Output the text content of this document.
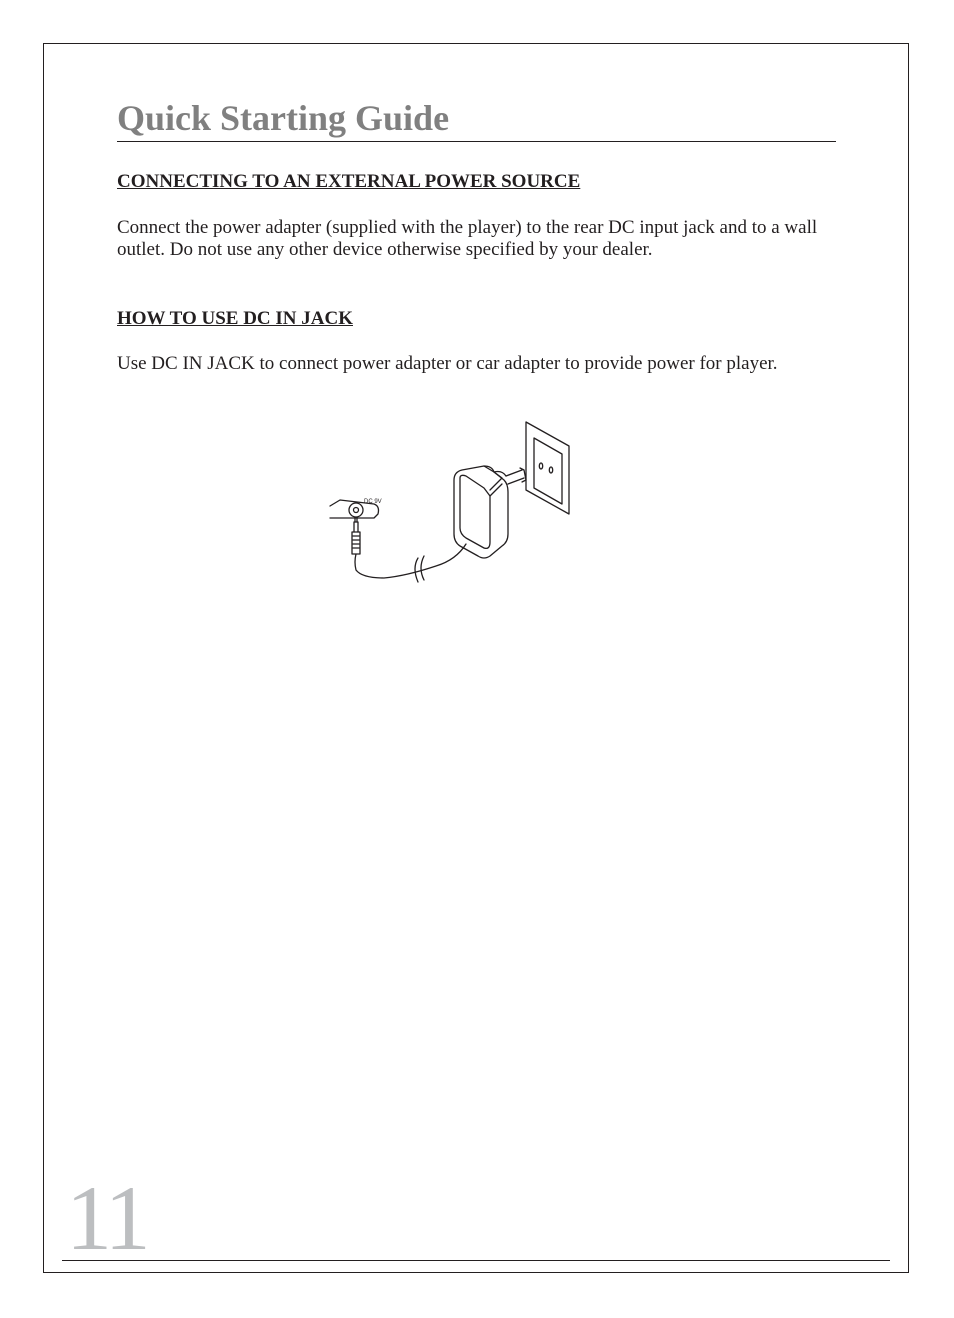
Quick Starting Guide
CONNECTING TO AN EXTERNAL POWER SOURCE

Connect the power adapter (supplied with the player) to the rear DC input jack and to a wall outlet. Do not use any other device otherwise specified by your dealer.

HOW TO USE DC IN JACK

Use DC IN JACK to connect power adapter or car adapter to provide power for player.

DC 9V
11
